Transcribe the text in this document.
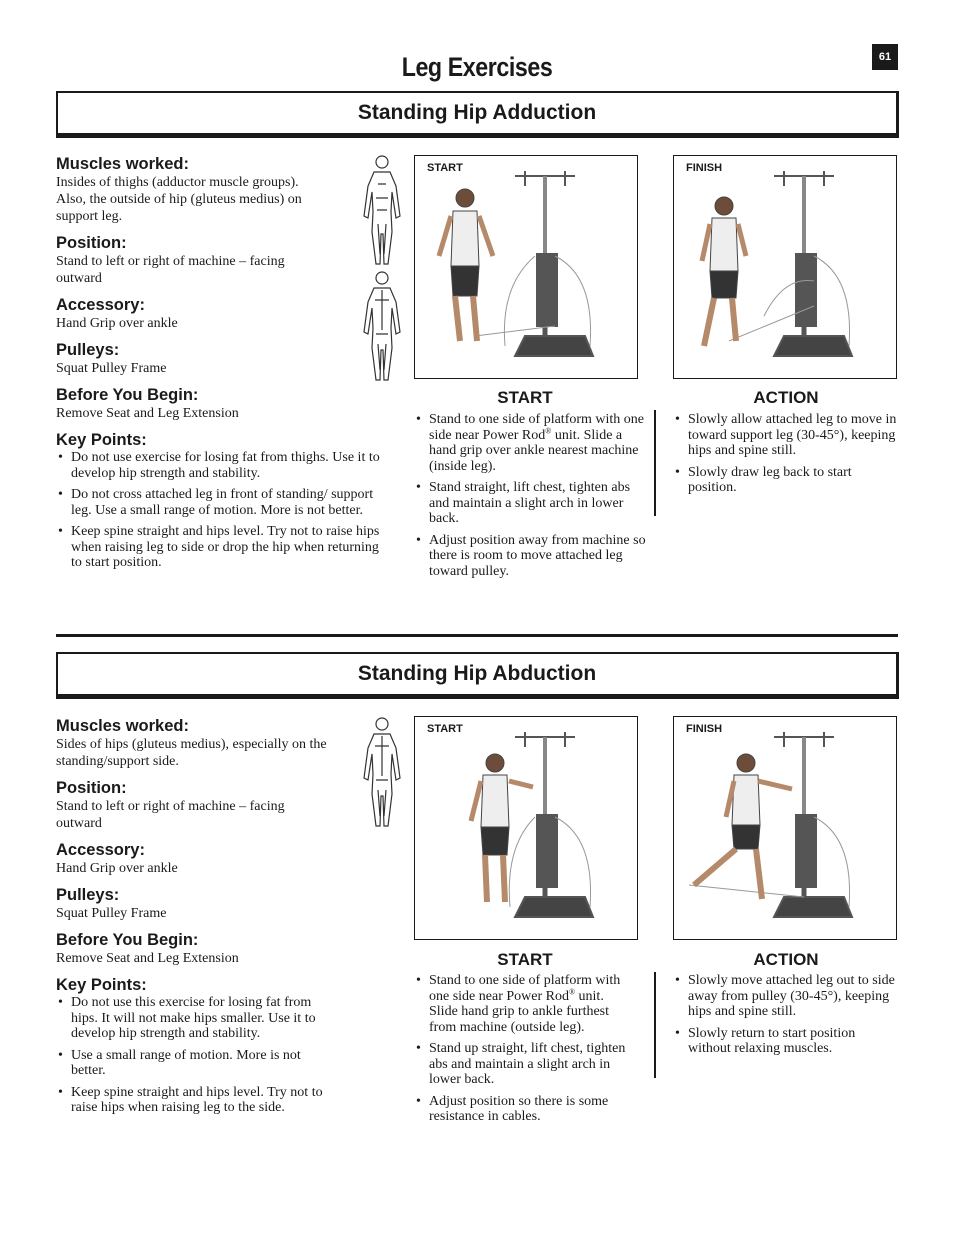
61
Leg Exercises
Standing Hip Adduction

Muscles worked:

Insides of thighs (adductor muscle groups). Also, the outside of hip (gluteus medius) on support leg.

Position:

Stand to left or right of machine – facing outward

Accessory:

Hand Grip over ankle

Pulleys:

Squat Pulley Frame

Before You Begin:

Remove Seat and Leg Extension

Key Points:

• Do not use exercise for losing fat from thighs. Use it to develop hip strength and stability.
• Do not cross attached leg in front of standing/ support leg. Use a small range of motion. More is not better.
• Keep spine straight and hips level. Try not to raise hips when raising leg to side or drop the hip when returning to start position.
START	FINISH
START	ACTION
• Stand to one side of platform with one side near Power Rod® unit. Slide a hand grip over ankle nearest machine (inside leg).
• Stand straight, lift chest, tighten abs and maintain a slight arch in lower back.
• Adjust position away from machine so there is room to move attached leg toward pulley.
• Slowly allow attached leg to move in toward support leg (30-45°), keeping hips and spine still.
• Slowly draw leg back to start position.
Standing Hip Abduction

Muscles worked:

Sides of hips (gluteus medius), especially on the standing/support side.

Position:

Stand to left or right of machine – facing outward

Accessory:

Hand Grip over ankle

Pulleys:

Squat Pulley Frame

Before You Begin:

Remove Seat and Leg Extension

Key Points:

• Do not use this exercise for losing fat from hips. It will not make hips smaller. Use it to develop hip strength and stability.
• Use a small range of motion. More is not better.
• Keep spine straight and hips level. Try not to raise hips when raising leg to the side.
START	FINISH
START	ACTION
• Stand to one side of platform with one side near Power Rod® unit. Slide hand grip to ankle furthest from machine (outside leg).
• Stand up straight, lift chest, tighten abs and maintain a slight arch in lower back.
• Adjust position so there is some resistance in cables.
• Slowly move attached leg out to side away from pulley (30-45°), keeping hips and spine still.
• Slowly return to start position without relaxing muscles.
